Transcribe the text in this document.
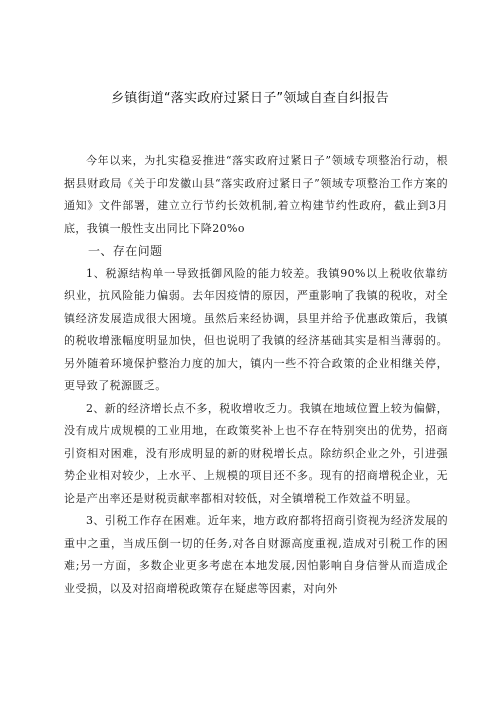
乡镇街道“落实政府过紧日子”领域自查自纠报告

今年以来，为扎实稳妥推进“落实政府过紧日子”领域专项整治行动，根据县财政局《关于印发徽山县“落实政府过紧日子”领域专项整治工作方案的通知》文件部署，建立立行节约长效机制,着立构建节约性政府，截止到3月底，我镇一般性支出同比下降20%o

一、存在问题

1、税源结构单一导致抵御风险的能力较差。我镇90%以上税收依靠纺织业，抗风险能力偏弱。去年因疫情的原因，严重影响了我镇的税收，对全镇经济发展造成很大困境。虽然后来经协调，县里并给予优惠政策后，我镇的税收增涨幅度明显加快，但也说明了我镇的经济基础其实是相当薄弱的。另外随着环境保护整治力度的加大，镇内一些不符合政策的企业相继关停，更导致了税源匮乏。

2、新的经济增长点不多，税收增收乏力。我镇在地域位置上较为偏僻，没有成片成规模的工业用地，在政策奖补上也不存在特别突出的优势，招商引资相对困难，没有形成明显的新的财税增长点。除纺织企业之外，引进强势企业相对较少，上水平、上规模的项目还不多。现有的招商增税企业，无论是产出率还是财税贡献率都相对较低，对全镇增税工作效益不明显。

3、引税工作存在困难。近年来，地方政府都将招商引资视为经济发展的重中之重，当成压倒一切的任务,对各自财源高度重视,造成对引税工作的困难;另一方面，多数企业更多考虑在本地发展,因怕影响自身信誉从而造成企业受损，以及对招商增税政策存在疑虑等因素，对向外
